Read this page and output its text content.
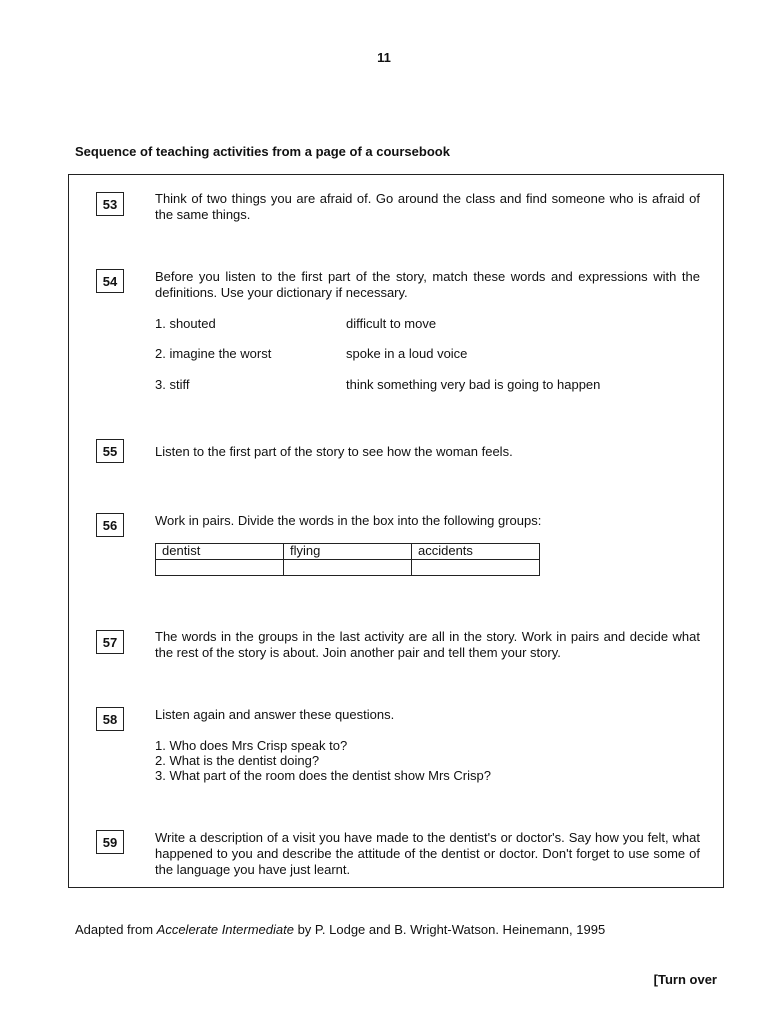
11
Sequence of teaching activities from a page of a coursebook
53	Think of two things you are afraid of. Go around the class and find someone who is afraid of the same things.
54	Before you listen to the first part of the story, match these words and expressions with the definitions. Use your dictionary if necessary.
1. shouted	difficult to move
2. imagine the worst	spoke in a loud voice
3. stiff	think something very bad is going to happen
55	Listen to the first part of the story to see how the woman feels.
56	Work in pairs. Divide the words in the box into the following groups:
dentist	flying	accidents

57	The words in the groups in the last activity are all in the story. Work in pairs and decide what the rest of the story is about. Join another pair and tell them your story.
58	Listen again and answer these questions.
1. Who does Mrs Crisp speak to?
2. What is the dentist doing?
3. What part of the room does the dentist show Mrs Crisp?
59	Write a description of a visit you have made to the dentist's or doctor's. Say how you felt, what happened to you and describe the attitude of the dentist or doctor. Don't forget to use some of the language you have just learnt.
Adapted from Accelerate Intermediate by P. Lodge and B. Wright-Watson. Heinemann, 1995
[Turn over
